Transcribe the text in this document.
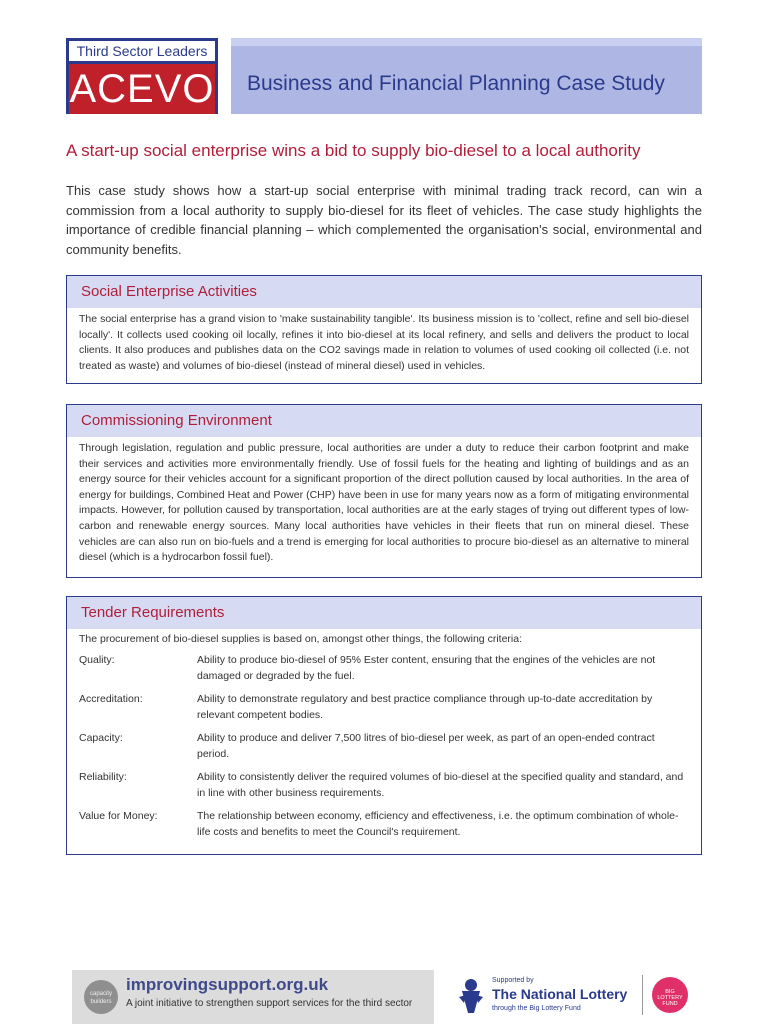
Third Sector Leaders
ACEVO Business and Financial Planning Case Study
A start-up social enterprise wins a bid to supply bio-diesel to a local authority
This case study shows how a start-up social enterprise with minimal trading track record, can win a commission from a local authority to supply bio-diesel for its fleet of vehicles. The case study highlights the importance of credible financial planning – which complemented the organisation's social, environmental and community benefits.
Social Enterprise Activities
The social enterprise has a grand vision to 'make sustainability tangible'. Its business mission is to 'collect, refine and sell bio-diesel locally'. It collects used cooking oil locally, refines it into bio-diesel at its local refinery, and sells and delivers the product to local clients. It also produces and publishes data on the CO2 savings made in relation to volumes of used cooking oil collected (i.e. not treated as waste) and volumes of bio-diesel (instead of mineral diesel) used in vehicles.
Commissioning Environment
Through legislation, regulation and public pressure, local authorities are under a duty to reduce their carbon footprint and make their services and activities more environmentally friendly. Use of fossil fuels for the heating and lighting of buildings and as an energy source for their vehicles account for a significant proportion of the direct pollution caused by local authorities. In the area of energy for buildings, Combined Heat and Power (CHP) have been in use for many years now as a form of mitigating environmental impacts. However, for pollution caused by transportation, local authorities are at the early stages of trying out different types of low-carbon and renewable energy sources. Many local authorities have vehicles in their fleets that run on mineral diesel. These vehicles are can also run on bio-fuels and a trend is emerging for local authorities to procure bio-diesel as an alternative to mineral diesel (which is a hydrocarbon fossil fuel).
Tender Requirements
The procurement of bio-diesel supplies is based on, amongst other things, the following criteria:
Quality:	Ability to produce bio-diesel of 95% Ester content, ensuring that the engines of the vehicles are not damaged or degraded by the fuel.
Accreditation:	Ability to demonstrate regulatory and best practice compliance through up-to-date accreditation by relevant competent bodies.
Capacity:	Ability to produce and deliver 7,500 litres of bio-diesel per week, as part of an open-ended contract period.
Reliability:	Ability to consistently deliver the required volumes of bio-diesel at the specified quality and standard, and in line with other business requirements.
Value for Money:	The relationship between economy, efficiency and effectiveness, i.e. the optimum combination of whole-life costs and benefits to meet the Council's requirement.
capacity builders
improvingsupport.org.uk
A joint initiative to strengthen support services for the third sector
Supported by
The National Lottery
through the Big Lottery Fund
BIG LOTTERY FUND
